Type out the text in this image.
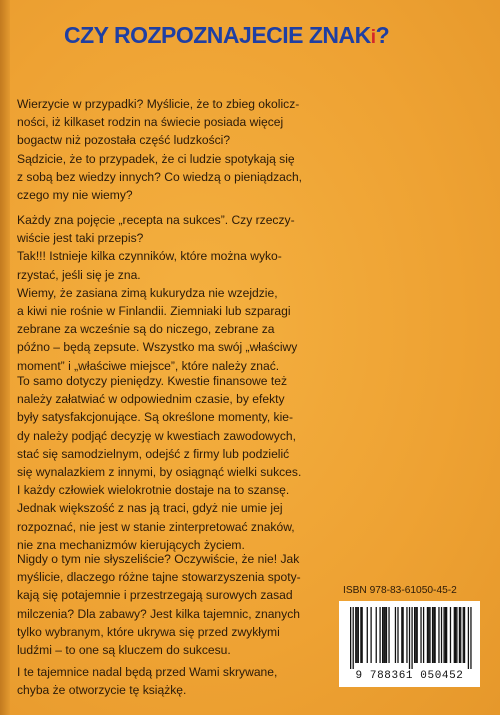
CZY ROZPOZNAJECIE ZNAKi?
Wierzycie w przypadki? Myślicie, że to zbieg okolicz-
ności, iż kilkaset rodzin na świecie posiada więcej
bogactw niż pozostała część ludzkości?
Sądzicie, że to przypadek, że ci ludzie spotykają się
z sobą bez wiedzy innych? Co wiedzą o pieniądzach,
czego my nie wiemy?
Każdy zna pojęcie „recepta na sukces”. Czy rzeczy-
wiście jest taki przepis?
Tak!!! Istnieje kilka czynników, które można wyko-
rzystać, jeśli się je zna.
Wiemy, że zasiana zimą kukurydza nie wzejdzie,
a kiwi nie rośnie w Finlandii. Ziemniaki lub szparagi
zebrane za wcześnie są do niczego, zebrane za
późno – będą zepsute. Wszystko ma swój „właściwy
moment” i „właściwe miejsce”, które należy znać.
To samo dotyczy pieniędzy. Kwestie finansowe też
należy załatwiać w odpowiednim czasie, by efekty
były satysfakcjonujące. Są określone momenty, kie-
dy należy podjąć decyzję w kwestiach zawodowych,
stać się samodzielnym, odejść z firmy lub podzielić
się wynalazkiem z innymi, by osiągnąć wielki sukces.
I każdy człowiek wielokrotnie dostaje na to szansę.
Jednak większość z nas ją traci, gdyż nie umie jej
rozpoznać, nie jest w stanie zinterpretować znaków,
nie zna mechanizmów kierujących życiem.
Nigdy o tym nie słyszeliście? Oczywiście, że nie! Jak
myślicie, dlaczego różne tajne stowarzyszenia spoty-
kają się potajemnie i przestrzegają surowych zasad
milczenia? Dla zabawy? Jest kilka tajemnic, znanych
tylko wybranym, które ukrywa się przed zwykłymi
ludźmi – to one są kluczem do sukcesu.
I te tajemnice nadal będą przed Wami skrywane,
chyba że otworzycie tę książkę.
ISBN 978-83-61050-45-2
9 788361 050452
